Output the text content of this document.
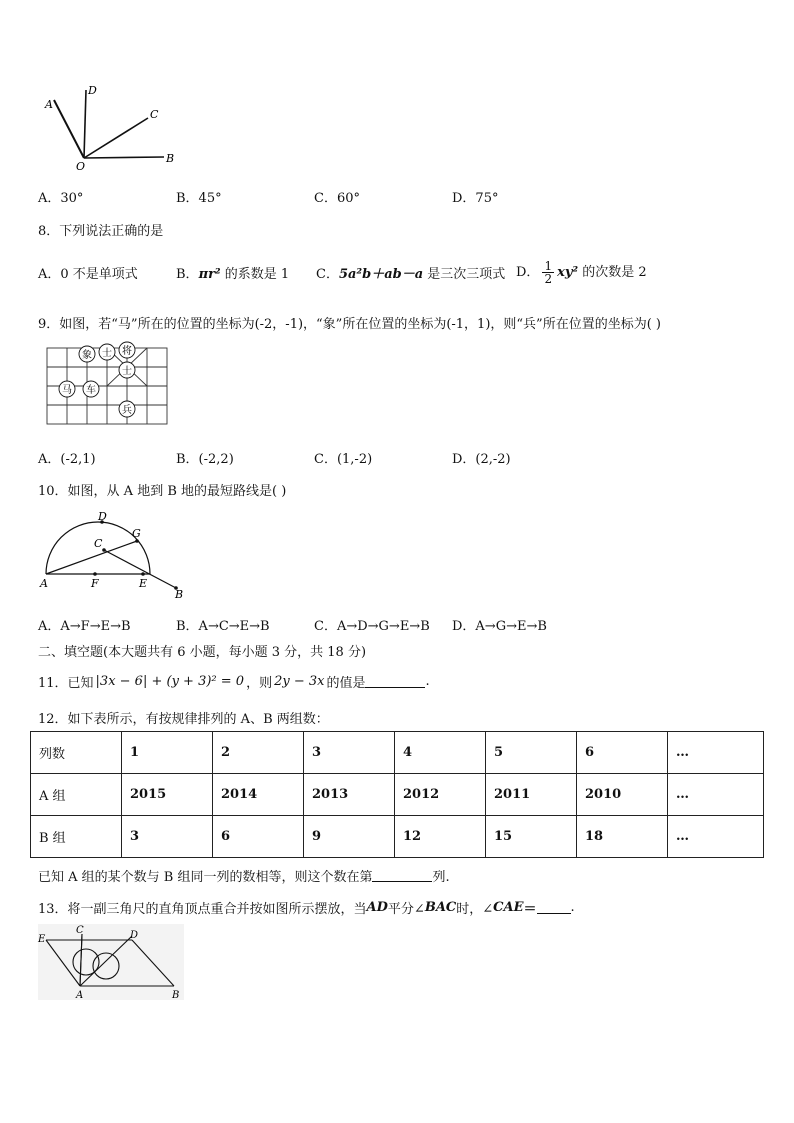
A
D
C
O
B
A．30°	B．45°	C．60°	D．75°
8．下列说法正确的是
A．0 不是单项式	B．πr² 的系数是 1	C．5a²b＋ab－a 是三次三项式 D． $\frac{1}{2} xy^2$ 的次数是 2
9．如图，若“马”所在的位置的坐标为(-2，-1)，“象”所在位置的坐标为(-1，1)，则“兵”所在位置的坐标为( )
象 士 将
士
马 车
兵
A．(-2,1)	B．(-2,2)	C．(1,-2)	D．(2,-2)
10．如图，从 A 地到 B 地的最短路线是( )
D
G
C
A	F	E
B
A．A→F→E→B	B．A→C→E→B	C．A→D→G→E→B	D．A→G→E→B
二、填空题(本大题共有 6 小题，每小题 3 分，共 18 分)
11．已知 |3x − 6| + (y + 3)² = 0 ，则 2y − 3x 的值是	.
12．如下表所示，有按规律排列的 A、B 两组数：
列数	1	2	3	4	5	6	…
A 组	2015	2014	2013	2012	2011	2010	…
B 组	3	6	9	12	15	18	…
已知 A 组的某个数与 B 组同一列的数相等，则这个数在第	列.
13．将一副三角尺的直角顶点重合并按如图所示摆放，当 AD 平分∠ BAC 时，∠ CAE ＝	.
E
C	D
A	B
